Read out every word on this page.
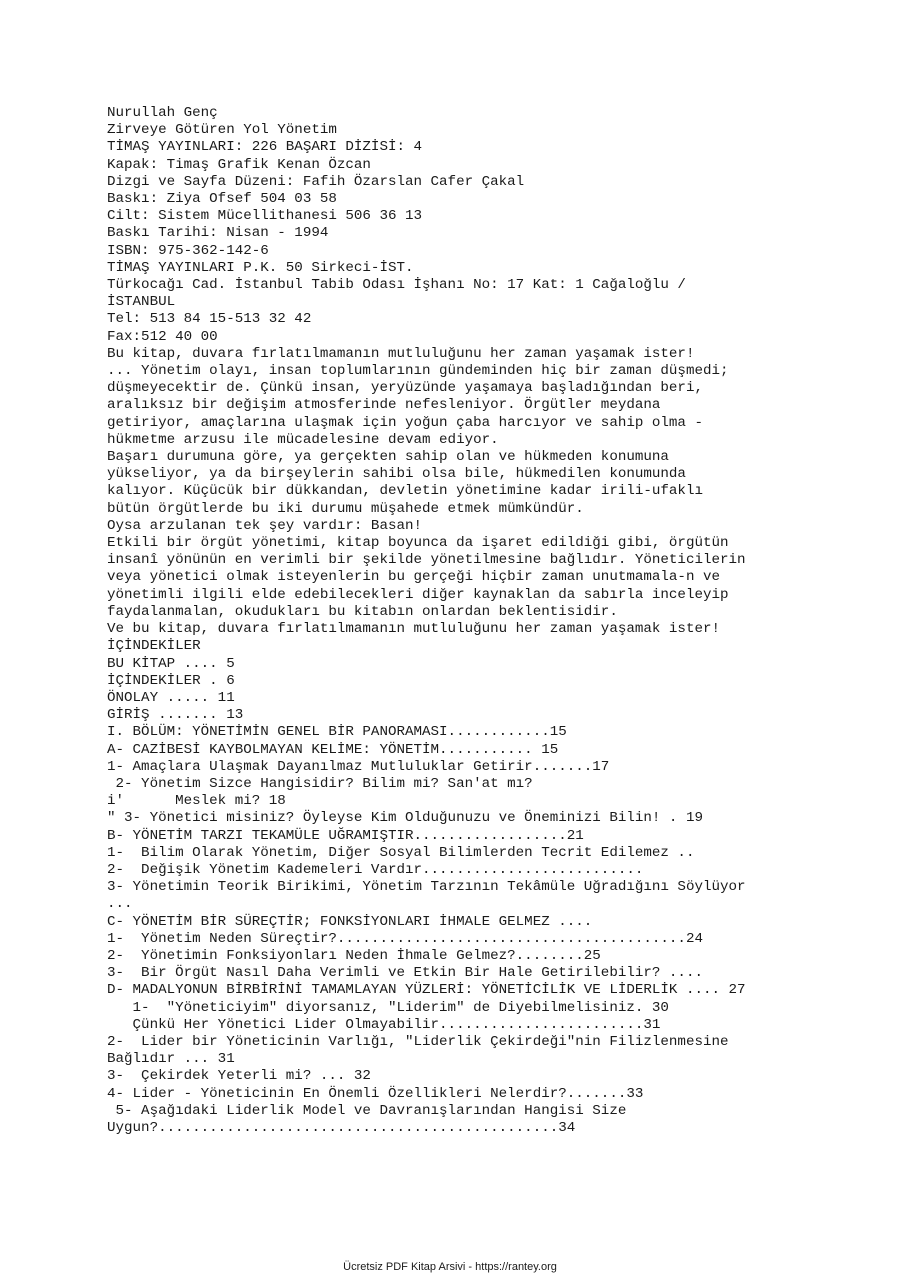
Nurullah Genç
Zirveye Götüren Yol Yönetim
TİMAŞ YAYINLARI: 226 BAŞARI DİZİSİ: 4
Kapak: Timaş Grafik Kenan Özcan
Dizgi ve Sayfa Düzeni: Fafih Özarslan Cafer Çakal
Baskı: Ziya Ofsef 504 03 58
Cilt: Sistem Mücellithanesi 506 36 13
Baskı Tarihi: Nisan - 1994
ISBN: 975-362-142-6
TİMAŞ YAYINLARI P.K. 50 Sirkeci-İST.
Türkocağı Cad. İstanbul Tabib Odası İşhanı No: 17 Kat: 1 Cağaloğlu /
İSTANBUL
Tel: 513 84 15-513 32 42
Fax:512 40 00
Bu kitap, duvara fırlatılmamanın mutluluğunu her zaman yaşamak ister!
... Yönetim olayı, insan toplumlarının gündeminden hiç bir zaman düşmedi;
düşmeyecektir de. Çünkü insan, yeryüzünde yaşamaya başladığından beri,
aralıksız bir değişim atmosferinde nefesleniyor. Örgütler meydana
getiriyor, amaçlarına ulaşmak için yoğun çaba harcıyor ve sahip olma -
hükmetme arzusu ile mücadelesine devam ediyor.
Başarı durumuna göre, ya gerçekten sahip olan ve hükmeden konumuna
yükseliyor, ya da birşeylerin sahibi olsa bile, hükmedilen konumunda
kalıyor. Küçücük bir dükkandan, devletin yönetimine kadar irili-ufaklı
bütün örgütlerde bu iki durumu müşahede etmek mümkündür.
Oysa arzulanan tek şey vardır: Basan!
Etkili bir örgüt yönetimi, kitap boyunca da işaret edildiği gibi, örgütün
insanî yönünün en verimli bir şekilde yönetilmesine bağlıdır. Yöneticilerin
veya yönetici olmak isteyenlerin bu gerçeği hiçbir zaman unutmamala-n ve
yönetimli ilgili elde edebilecekleri diğer kaynaklan da sabırla inceleyip
faydalanmalan, okudukları bu kitabın onlardan beklentisidir.
Ve bu kitap, duvara fırlatılmamanın mutluluğunu her zaman yaşamak ister!
İÇİNDEKİLER
BU KİTAP .... 5
İÇİNDEKİLER . 6
ÖNOLAY ..... 11
GİRİŞ ....... 13
I. BÖLÜM: YÖNETİMİN GENEL BİR PANORAMASI............15
A- CAZİBESİ KAYBOLMAYAN KELİME: YÖNETİM........... 15
1- Amaçlara Ulaşmak Dayanılmaz Mutluluklar Getirir.......17
2- Yönetim Sizce Hangisidir? Bilim mi? San'at mı?
i'      Meslek mi? 18
" 3- Yönetici misiniz? Öyleyse Kim Olduğunuzu ve Öneminizi Bilin! . 19
B- YÖNETİM TARZI TEKAMÜLE UĞRAMIŞTIR..................21
1-  Bilim Olarak Yönetim, Diğer Sosyal Bilimlerden Tecrit Edilemez ..
2-  Değişik Yönetim Kademeleri Vardır..........................
3- Yönetimin Teorik Birikimi, Yönetim Tarzının Tekâmüle Uğradığını Söylüyor
...
C- YÖNETİM BİR SÜREÇTİR; FONKSİYONLARI İHMALE GELMEZ ....
1-  Yönetim Neden Süreçtir?.........................................24
2-  Yönetimin Fonksiyonları Neden İhmale Gelmez?........25
3-  Bir Örgüt Nasıl Daha Verimli ve Etkin Bir Hale Getirilebilir? ....
D- MADALYONUN BİRBİRİNİ TAMAMLAYAN YÜZLERİ: YÖNETİCİLİK VE LİDERLİK .... 27
1-  "Yöneticiyim" diyorsanız, "Liderim" de Diyebilmelisiniz. 30
Çünkü Her Yönetici Lider Olmayabilir........................31
2-  Lider bir Yöneticinin Varlığı, "Liderlik Çekirdeği"nin Filizlenmesine
Bağlıdır ... 31
3-  Çekirdek Yeterli mi? ... 32
4- Lider - Yöneticinin En Önemli Özellikleri Nelerdir?.......33
5- Aşağıdaki Liderlik Model ve Davranışlarından Hangisi Size
Uygun?...............................................34
Ücretsiz PDF Kitap Arsivi - https://rantey.org
